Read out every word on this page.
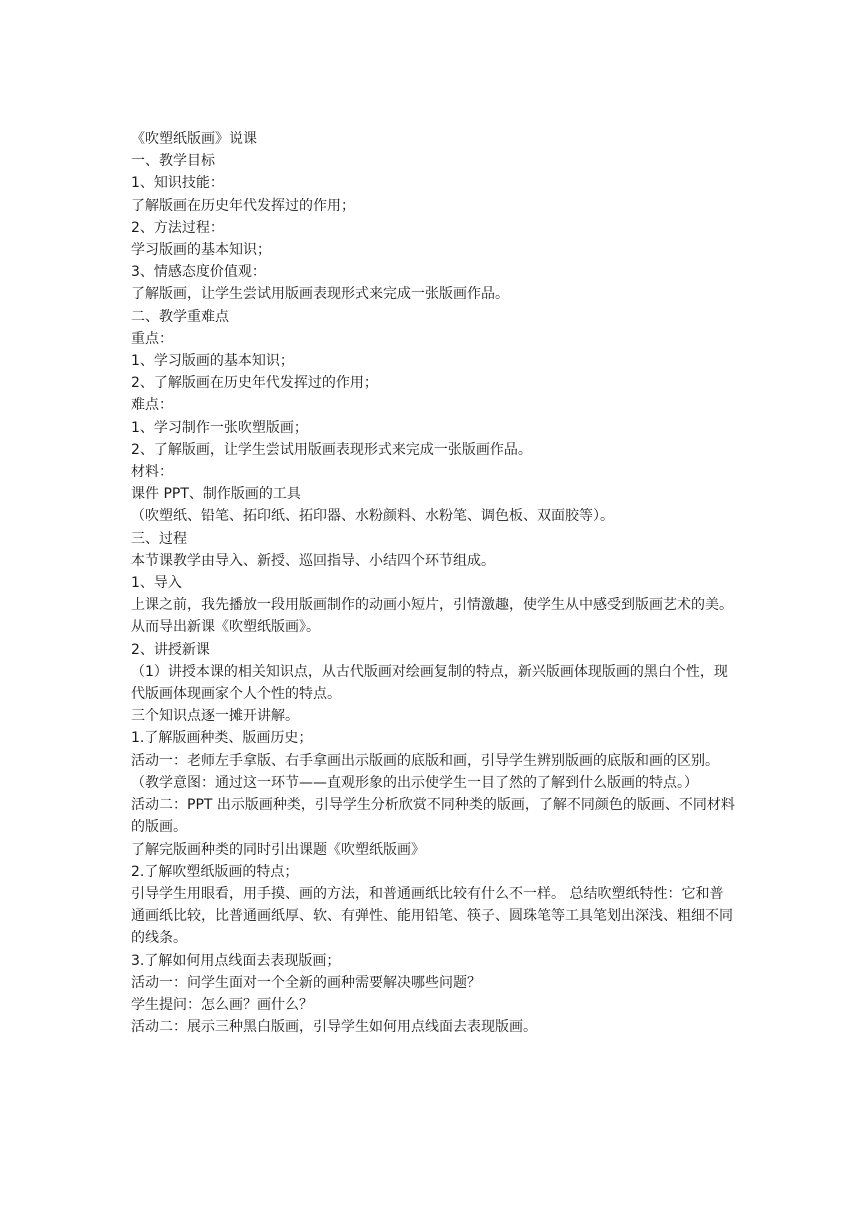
《吹塑纸版画》说课

一、教学目标

1、知识技能：

了解版画在历史年代发挥过的作用；

2、方法过程：

学习版画的基本知识；

3、情感态度价值观：

了解版画，让学生尝试用版画表现形式来完成一张版画作品。

二、教学重难点

重点：

1、学习版画的基本知识；

2、了解版画在历史年代发挥过的作用；

难点：

1、学习制作一张吹塑版画；

2、了解版画，让学生尝试用版画表现形式来完成一张版画作品。

材料：

课件 PPT、制作版画的工具

（吹塑纸、铅笔、拓印纸、拓印器、水粉颜料、水粉笔、调色板、双面胶等）。

三、过程

本节课教学由导入、新授、巡回指导、小结四个环节组成。

1、导入

上课之前，我先播放一段用版画制作的动画小短片，引情激趣，使学生从中感受到版画艺术的美。

从而导出新课《吹塑纸版画》。

2、讲授新课

（1）讲授本课的相关知识点，从古代版画对绘画复制的特点，新兴版画体现版画的黑白个性，现代版画体现画家个人个性的特点。

三个知识点逐一摊开讲解。

1.了解版画种类、版画历史；

活动一：老师左手拿版、右手拿画出示版画的底版和画，引导学生辨别版画的底版和画的区别。

（教学意图：通过这一环节——直观形象的出示使学生一目了然的了解到什么版画的特点。）

活动二：PPT 出示版画种类，引导学生分析欣赏不同种类的版画，了解不同颜色的版画、不同材料的版画。

了解完版画种类的同时引出课题《吹塑纸版画》

2.了解吹塑纸版画的特点；

引导学生用眼看，用手摸、画的方法，和普通画纸比较有什么不一样。 总结吹塑纸特性：它和普通画纸比较，比普通画纸厚、软、有弹性、能用铅笔、筷子、圆珠笔等工具笔划出深浅、粗细不同的线条。

3.了解如何用点线面去表现版画；

活动一：问学生面对一个全新的画种需要解决哪些问题？

学生提问：怎么画？画什么？

活动二：展示三种黑白版画，引导学生如何用点线面去表现版画。
